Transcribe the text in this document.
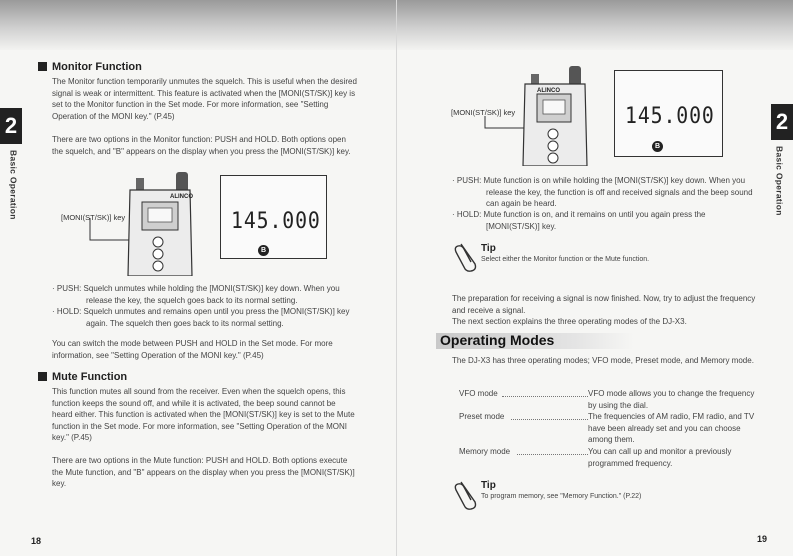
2
Basic Operation
Monitor Function
The Monitor function temporarily unmutes the squelch. This is useful when the desired signal is weak or intermittent. This feature is activated when the [MONI(ST/SK)] key is set to the Monitor function in the Set mode. For more information, see "Setting Operation of the MONI key." (P.45)
There are two options in the Monitor function: PUSH and HOLD. Both options open the squelch, and "B" appears on the display when you press the [MONI(ST/SK)] key.
[MONI(ST/SK)] key
ALINCO
145.000
B
· PUSH: Squelch unmutes while holding the [MONI(ST/SK)] key down. When you release the key, the squelch goes back to its normal setting.
· HOLD: Squelch unmutes and remains open until you press the [MONI(ST/SK)] key again. The squelch then goes back to its normal setting.
You can switch the mode between PUSH and HOLD in the Set mode. For more information, see "Setting Operation of the MONI key." (P.45)
Mute Function
This function mutes all sound from the receiver. Even when the squelch opens, this function keeps the sound off, and while it is activated, the beep sound cannot be heard either. This function is activated when the [MONI(ST/SK)] key is set to the Mute function in the Set mode. For more information, see "Setting Operation of the MONI key." (P.45)
There are two options in the Mute function: PUSH and HOLD. Both options execute the Mute function, and "B" appears on the display when you press the [MONI(ST/SK)] key.
18
2
Basic Operation
[MONI(ST/SK)] key
ALINCO
145.000
B
· PUSH: Mute function is on while holding the [MONI(ST/SK)] key down. When you release the key, the function is off and received signals and the beep sound can again be heard.
· HOLD: Mute function is on, and it remains on until you again press the [MONI(ST/SK)] key.
Tip
Select either the Monitor function or the Mute function.
The preparation for receiving a signal is now finished. Now, try to adjust the frequency and receive a signal.
The next section explains the three operating modes of the DJ-X3.
Operating Modes
The DJ-X3 has three operating modes; VFO mode, Preset mode, and Memory mode.
VFO mode	VFO mode allows you to change the frequency by using the dial.
Preset mode	The frequencies of AM radio, FM radio, and TV have been already set and you can choose among them.
Memory mode	You can call up and monitor a previously programmed frequency.
Tip
To program memory, see "Memory Function." (P.22)
19
